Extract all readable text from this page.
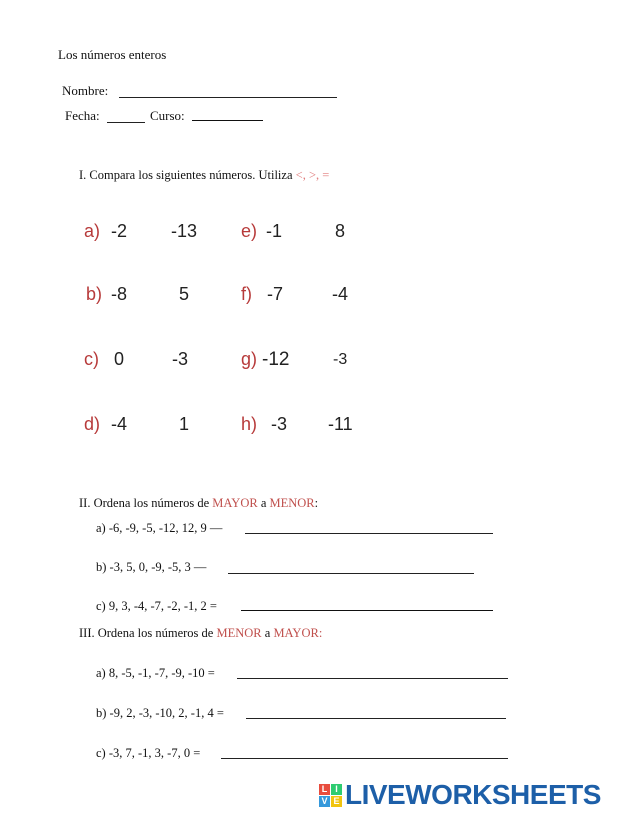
Los números enteros
Nombre:
Fecha:	Curso:
I. Compara los siguientes números. Utiliza <, >, =
a) -2 -13
b) -8	5
c) 0	-3
d) -4	1
e) -1	8
f) -7	-4
g) -12	-3
h) -3 -11
II. Ordena los números de MAYOR a MENOR:
a) -6, -9, -5, -12, 12, 9 —
b) -3, 5, 0, -9, -5, 3 —
c) 9, 3, -4, -7, -2, -1, 2 =
III. Ordena los números de MENOR a MAYOR:
a) 8, -5, -1, -7, -9, -10 =
b) -9, 2, -3, -10, 2, -1, 4 =
c) -3, 7, -1, 3, -7, 0 =
L I
V E LIVEWORKSHEETS
